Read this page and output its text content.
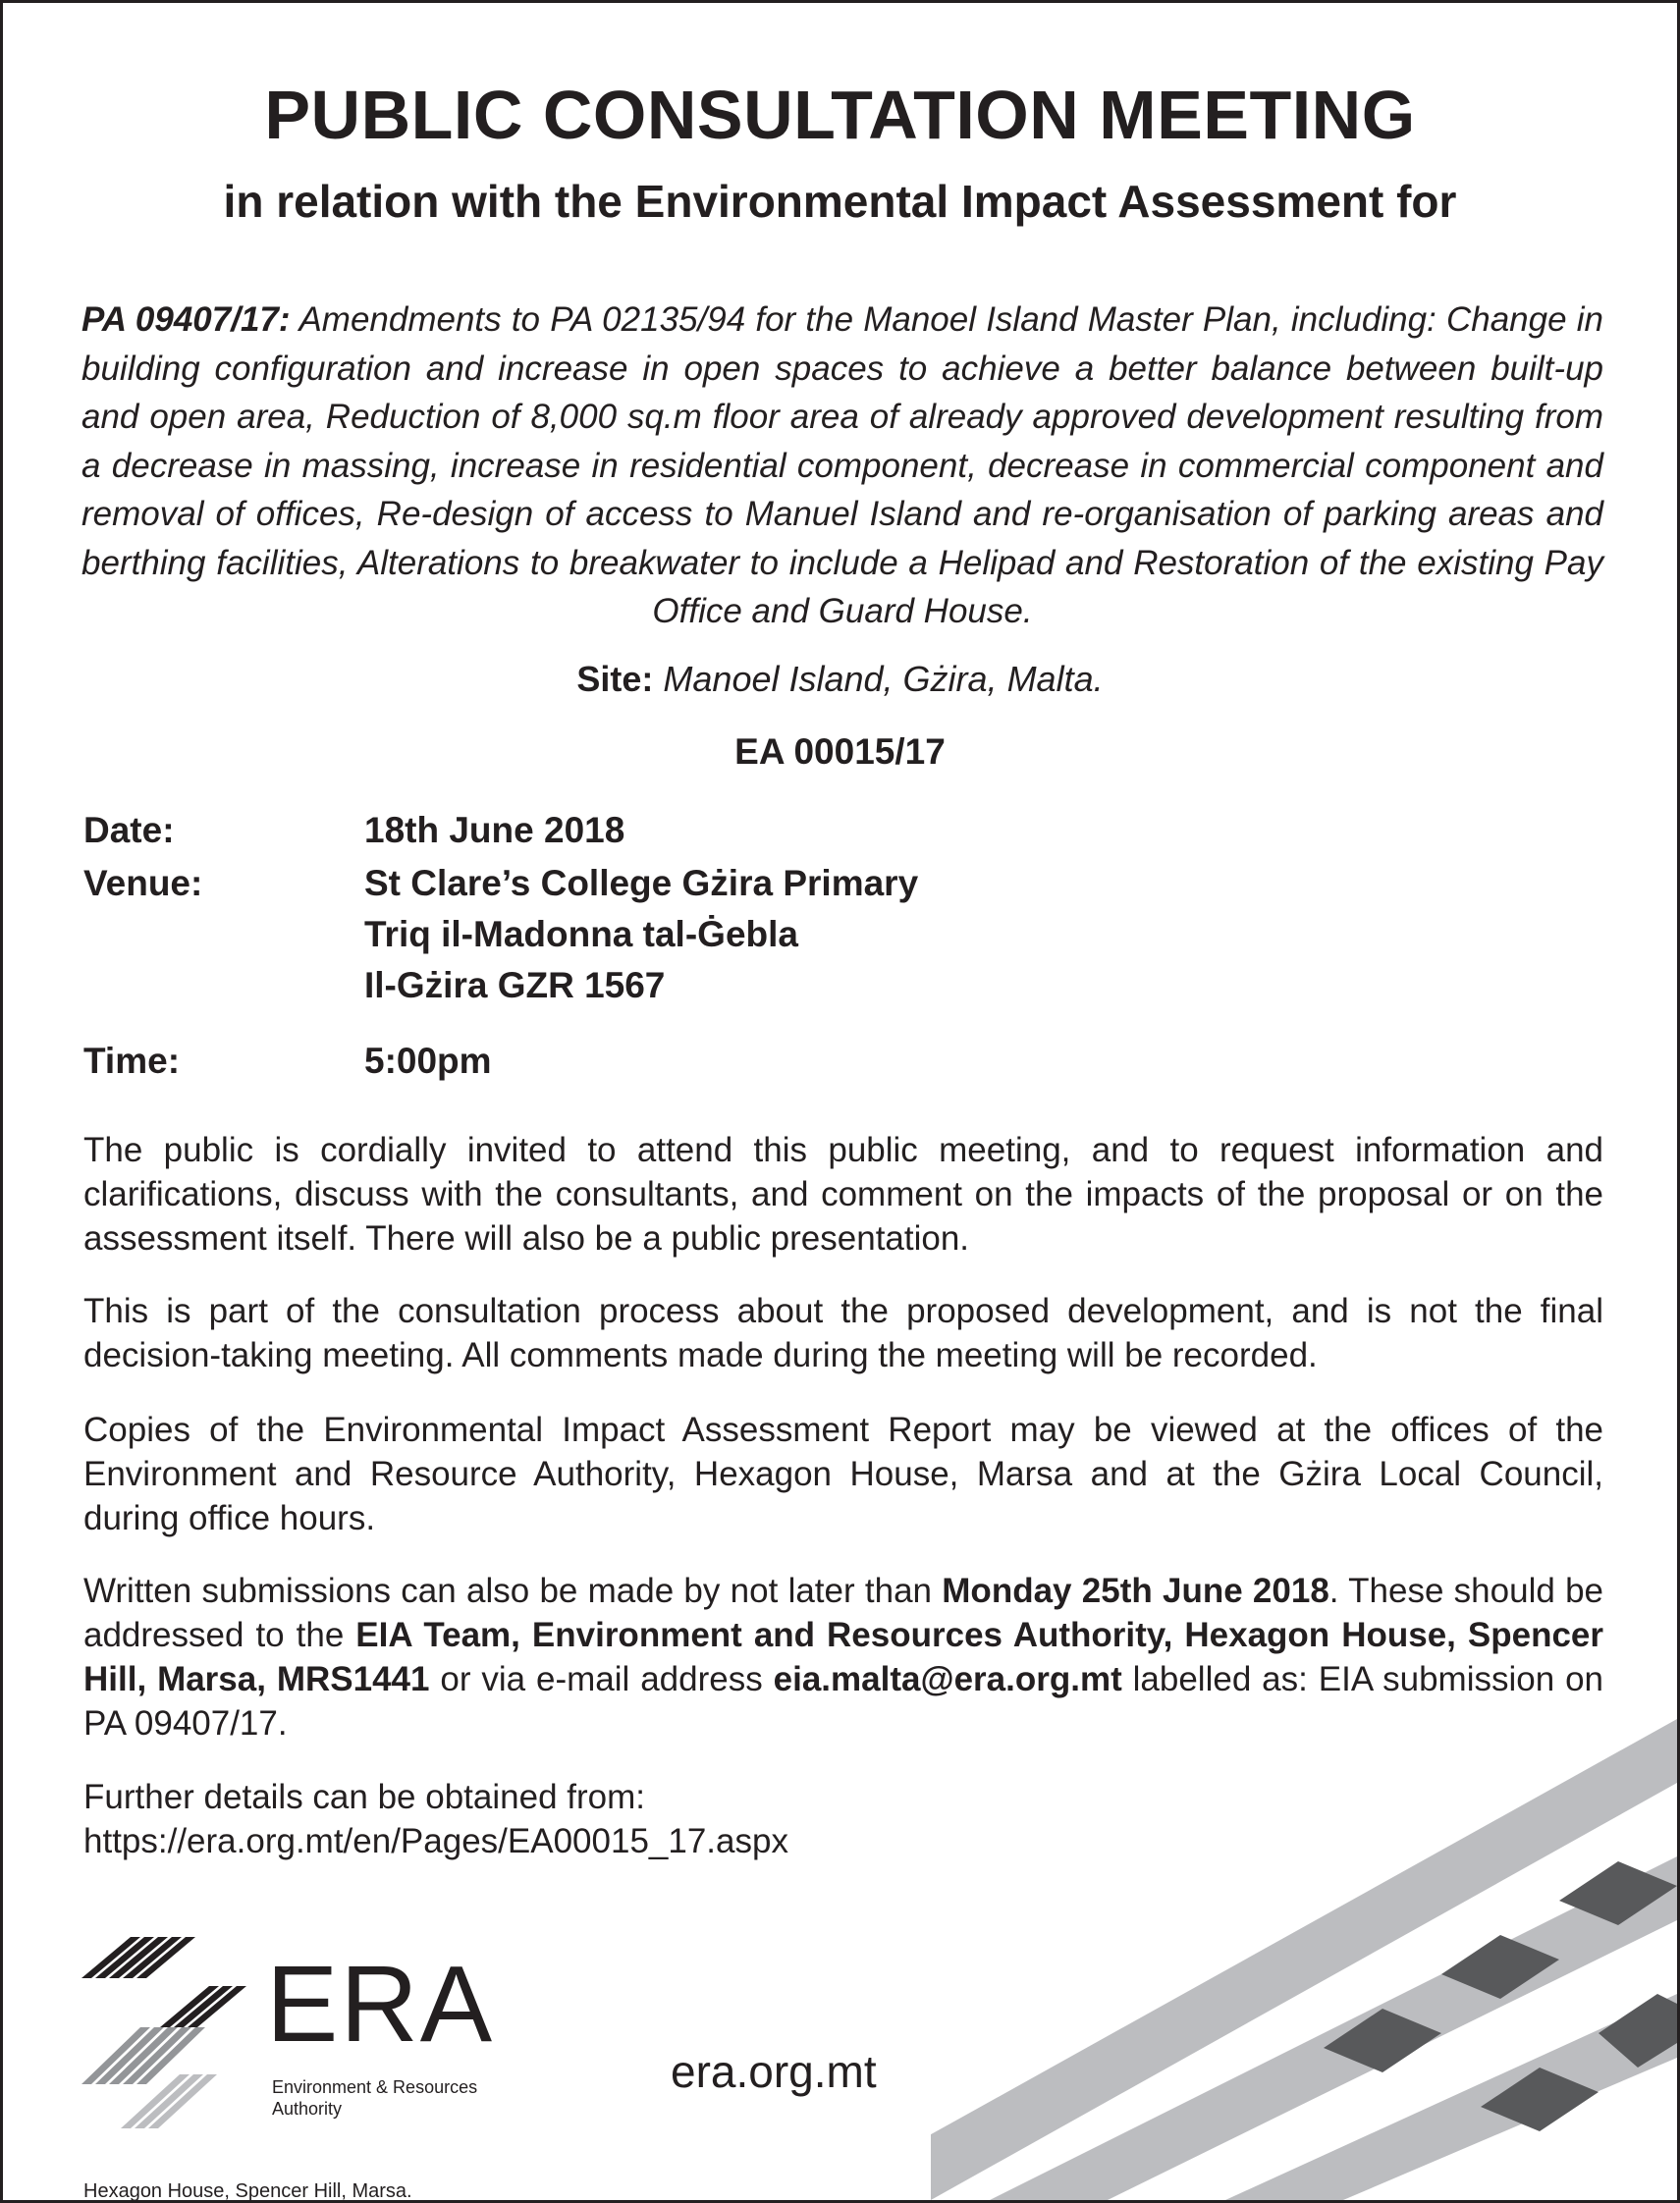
PUBLIC CONSULTATION MEETING
in relation with the Environmental Impact Assessment for
PA 09407/17: Amendments to PA 02135/94 for the Manoel Island Master Plan, including: Change in building configuration and increase in open spaces to achieve a better balance between built-up and open area, Reduction of 8,000 sq.m floor area of already approved development resulting from a decrease in massing, increase in residential component, decrease in commercial component and removal of offices, Re-design of access to Manuel Island and re-organisation of parking areas and berthing facilities, Alterations to breakwater to include a Helipad and Restoration of the existing Pay Office and Guard House.
Site: Manoel Island, Gżira, Malta.
EA 00015/17
Date:	18th June 2018
Venue:	St Clare’s College Gżira Primary
Triq il-Madonna tal-Ġebla
Il-Gżira GZR 1567
Time:	5:00pm
The public is cordially invited to attend this public meeting, and to request information and clarifications, discuss with the consultants, and comment on the impacts of the proposal or on the assessment itself. There will also be a public presentation.
This is part of the consultation process about the proposed development, and is not the final decision-taking meeting. All comments made during the meeting will be recorded.
Copies of the Environmental Impact Assessment Report may be viewed at the offices of the Environment and Resource Authority, Hexagon House, Marsa and at the Gżira Local Council, during office hours.
Written submissions can also be made by not later than Monday 25th June 2018. These should be addressed to the EIA Team, Environment and Resources Authority, Hexagon House, Spencer Hill, Marsa, MRS1441 or via e-mail address eia.malta@era.org.mt labelled as: EIA submission on PA 09407/17.
Further details can be obtained from:
https://era.org.mt/en/Pages/EA00015_17.aspx
ERA
Environment & Resources
Authority
Hexagon House, Spencer Hill, Marsa.
era.org.mt
